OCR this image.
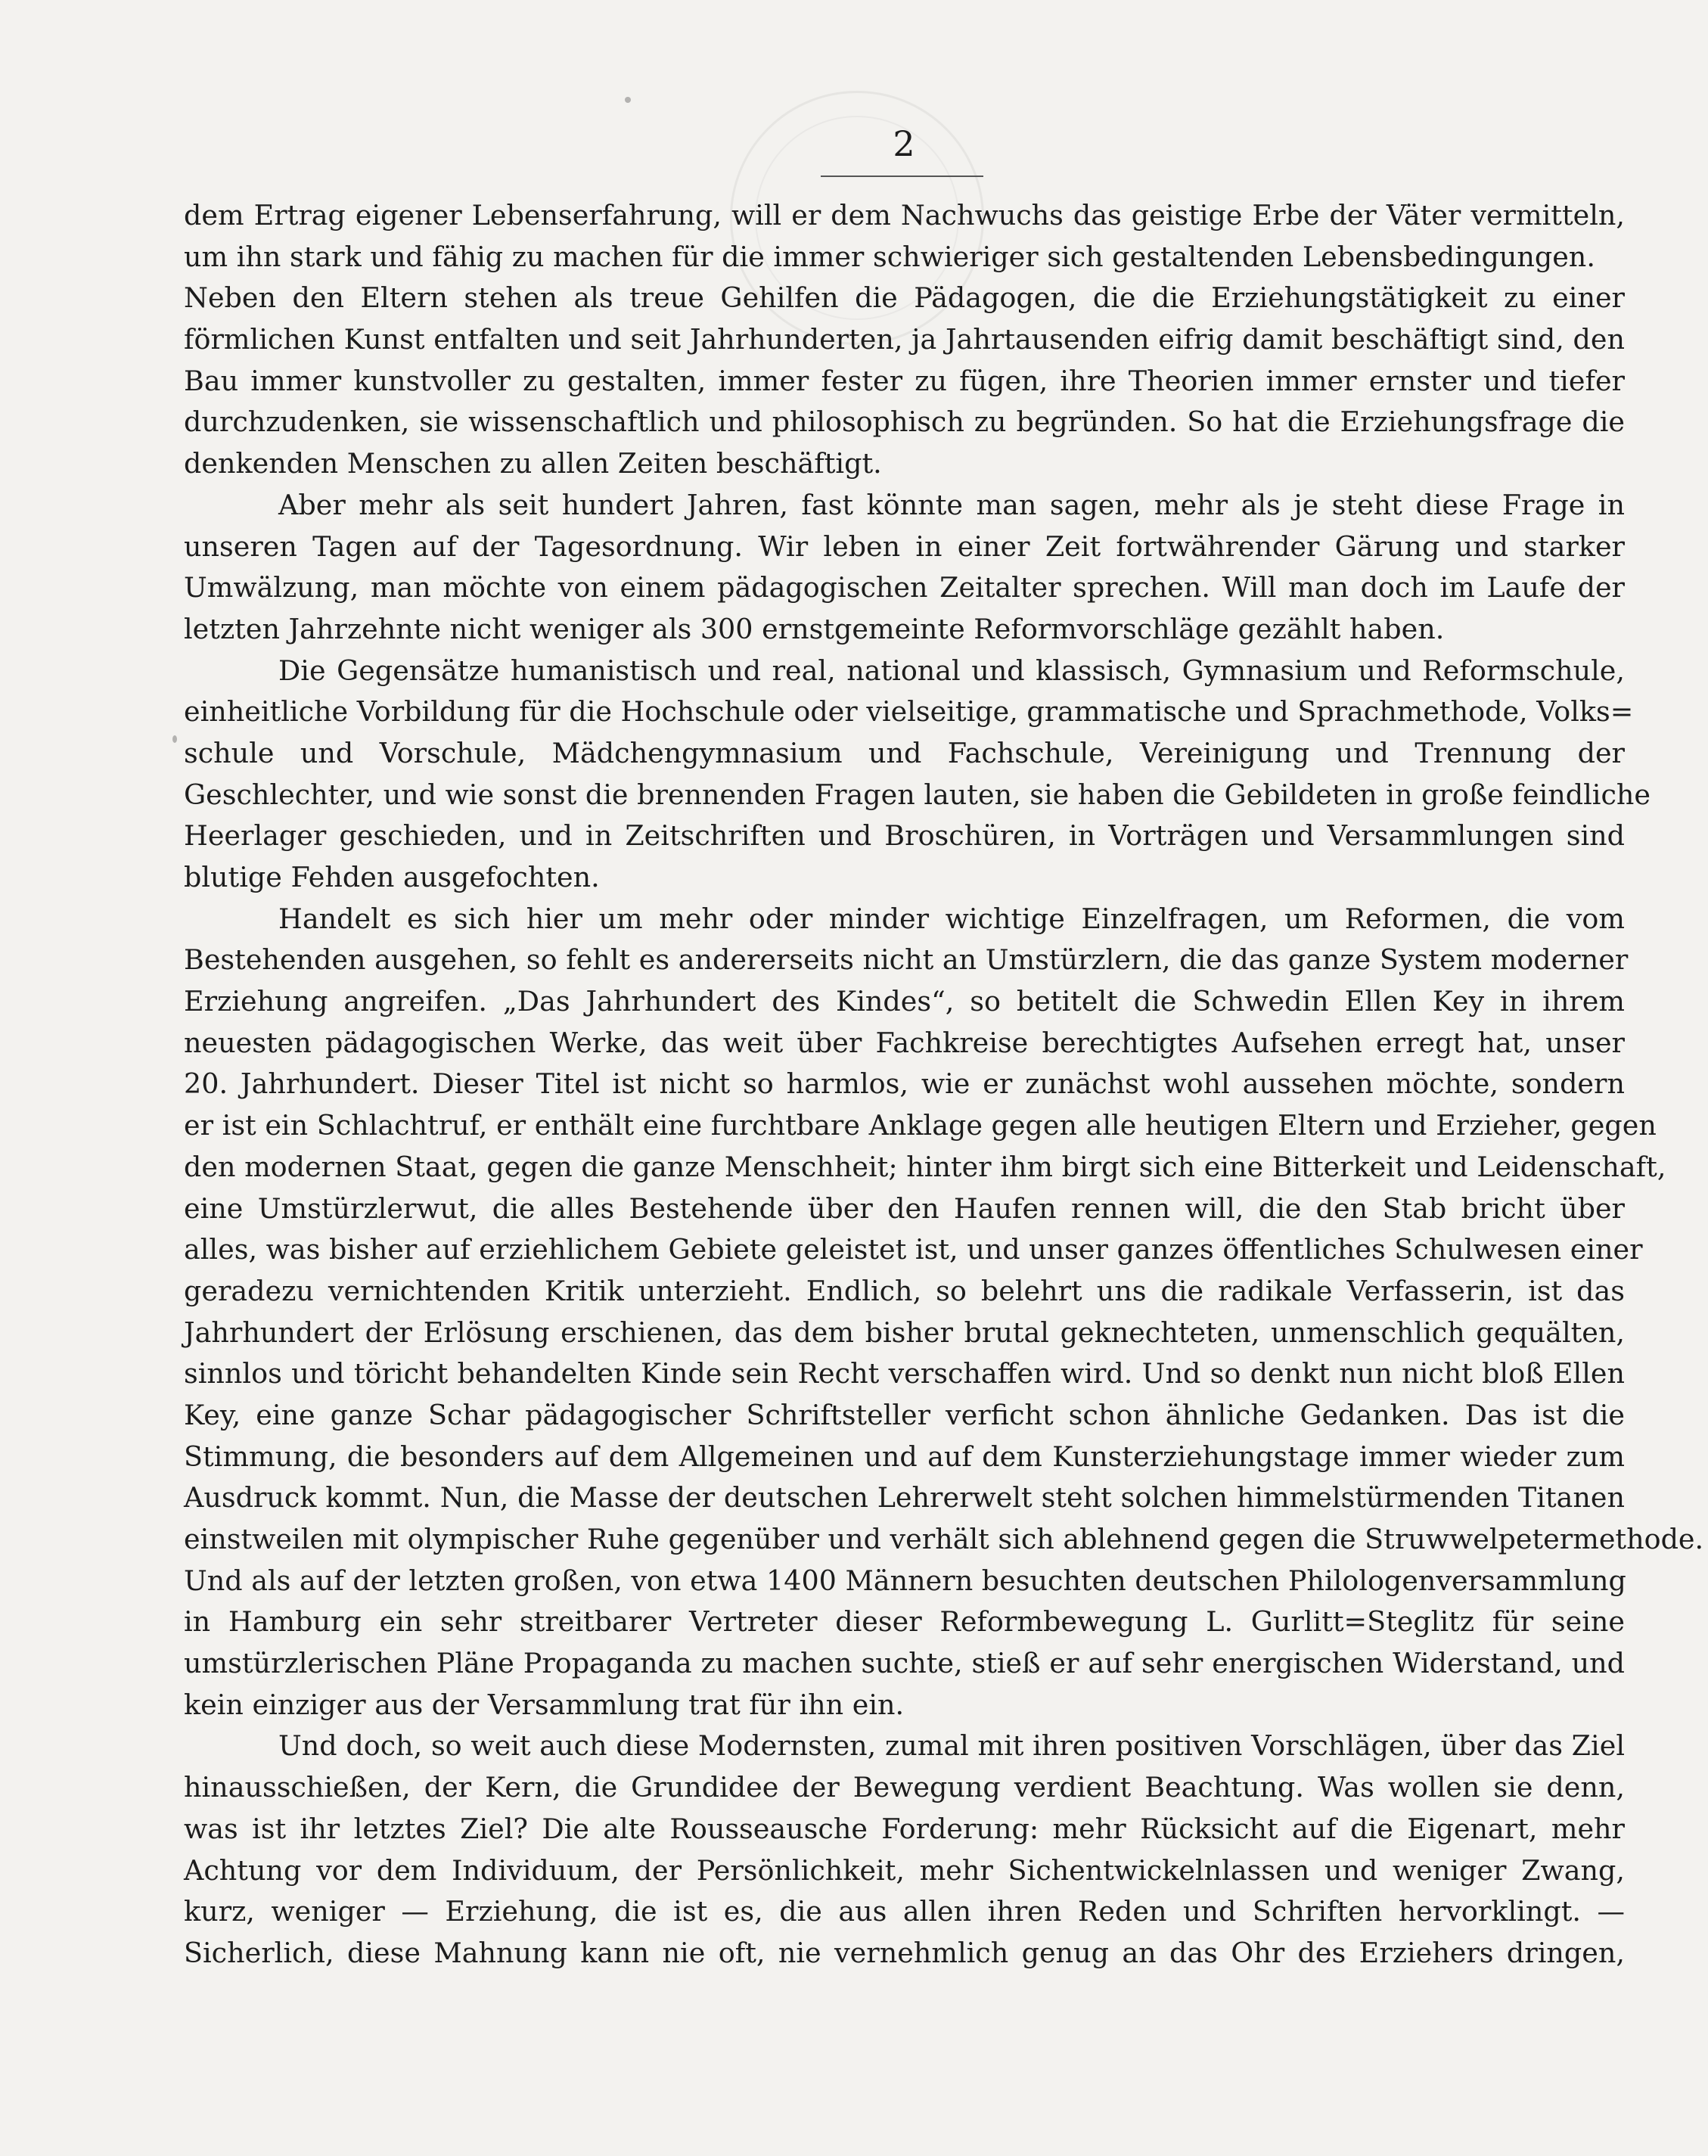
2
dem Ertrag eigener Lebenserfahrung, will er dem Nachwuchs das geistige Erbe der Väter vermitteln,
um ihn stark und fähig zu machen für die immer schwieriger sich gestaltenden Lebensbedingungen.
Neben den Eltern stehen als treue Gehilfen die Pädagogen, die die Erziehungstätigkeit zu einer
förmlichen Kunst entfalten und seit Jahrhunderten, ja Jahrtausenden eifrig damit beschäftigt sind, den
Bau immer kunstvoller zu gestalten, immer fester zu fügen, ihre Theorien immer ernster und tiefer
durchzudenken, sie wissenschaftlich und philosophisch zu begründen. So hat die Erziehungsfrage die
denkenden Menschen zu allen Zeiten beschäftigt.
Aber mehr als seit hundert Jahren, fast könnte man sagen, mehr als je steht diese Frage in
unseren Tagen auf der Tagesordnung. Wir leben in einer Zeit fortwährender Gärung und starker
Umwälzung, man möchte von einem pädagogischen Zeitalter sprechen. Will man doch im Laufe der
letzten Jahrzehnte nicht weniger als 300 ernstgemeinte Reformvorschläge gezählt haben.
Die Gegensätze humanistisch und real, national und klassisch, Gymnasium und Reformschule,
einheitliche Vorbildung für die Hochschule oder vielseitige, grammatische und Sprachmethode, Volks=
schule und Vorschule, Mädchengymnasium und Fachschule, Vereinigung und Trennung der
Geschlechter, und wie sonst die brennenden Fragen lauten, sie haben die Gebildeten in große feindliche
Heerlager geschieden, und in Zeitschriften und Broschüren, in Vorträgen und Versammlungen sind
blutige Fehden ausgefochten.
Handelt es sich hier um mehr oder minder wichtige Einzelfragen, um Reformen, die vom
Bestehenden ausgehen, so fehlt es andererseits nicht an Umstürzlern, die das ganze System moderner
Erziehung angreifen. „Das Jahrhundert des Kindes“, so betitelt die Schwedin Ellen Key in ihrem
neuesten pädagogischen Werke, das weit über Fachkreise berechtigtes Aufsehen erregt hat, unser
20. Jahrhundert. Dieser Titel ist nicht so harmlos, wie er zunächst wohl aussehen möchte, sondern
er ist ein Schlachtruf, er enthält eine furchtbare Anklage gegen alle heutigen Eltern und Erzieher, gegen
den modernen Staat, gegen die ganze Menschheit; hinter ihm birgt sich eine Bitterkeit und Leidenschaft,
eine Umstürzlerwut, die alles Bestehende über den Haufen rennen will, die den Stab bricht über
alles, was bisher auf erziehlichem Gebiete geleistet ist, und unser ganzes öffentliches Schulwesen einer
geradezu vernichtenden Kritik unterzieht. Endlich, so belehrt uns die radikale Verfasserin, ist das
Jahrhundert der Erlösung erschienen, das dem bisher brutal geknechteten, unmenschlich gequälten,
sinnlos und töricht behandelten Kinde sein Recht verschaffen wird. Und so denkt nun nicht bloß Ellen
Key, eine ganze Schar pädagogischer Schriftsteller verficht schon ähnliche Gedanken. Das ist die
Stimmung, die besonders auf dem Allgemeinen und auf dem Kunsterziehungstage immer wieder zum
Ausdruck kommt. Nun, die Masse der deutschen Lehrerwelt steht solchen himmelstürmenden Titanen
einstweilen mit olympischer Ruhe gegenüber und verhält sich ablehnend gegen die Struwwelpetermethode.
Und als auf der letzten großen, von etwa 1400 Männern besuchten deutschen Philologenversammlung
in Hamburg ein sehr streitbarer Vertreter dieser Reformbewegung L. Gurlitt=Steglitz für seine
umstürzlerischen Pläne Propaganda zu machen suchte, stieß er auf sehr energischen Widerstand, und
kein einziger aus der Versammlung trat für ihn ein.
Und doch, so weit auch diese Modernsten, zumal mit ihren positiven Vorschlägen, über das Ziel
hinausschießen, der Kern, die Grundidee der Bewegung verdient Beachtung. Was wollen sie denn,
was ist ihr letztes Ziel? Die alte Rousseausche Forderung: mehr Rücksicht auf die Eigenart, mehr
Achtung vor dem Individuum, der Persönlichkeit, mehr Sichentwickelnlassen und weniger Zwang,
kurz, weniger — Erziehung, die ist es, die aus allen ihren Reden und Schriften hervorklingt. —
Sicherlich, diese Mahnung kann nie oft, nie vernehmlich genug an das Ohr des Erziehers dringen,
